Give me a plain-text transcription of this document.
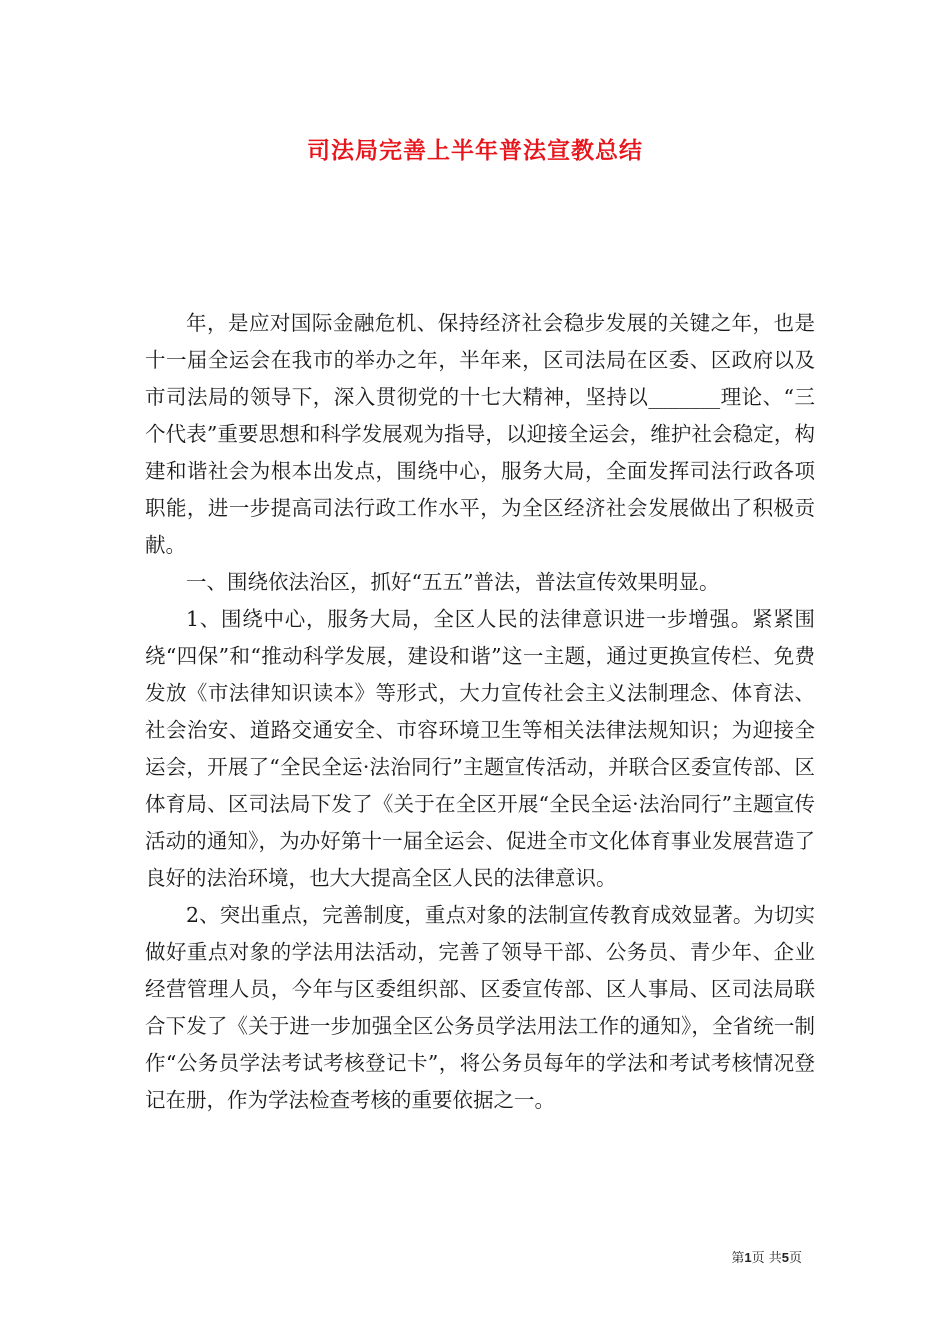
司法局完善上半年普法宣教总结

年，是应对国际金融危机、保持经济社会稳步发展的关键之年，也是十一届全运会在我市的举办之年，半年来，区司法局在区委、区政府以及市司法局的领导下，深入贯彻党的十七大精神，坚持以_______理论、“三个代表”重要思想和科学发展观为指导，以迎接全运会，维护社会稳定，构建和谐社会为根本出发点，围绕中心，服务大局，全面发挥司法行政各项职能，进一步提高司法行政工作水平，为全区经济社会发展做出了积极贡献。

一、围绕依法治区，抓好“五五”普法，普法宣传效果明显。

1、围绕中心，服务大局，全区人民的法律意识进一步增强。紧紧围绕“四保”和“推动科学发展，建设和谐”这一主题，通过更换宣传栏、免费发放《市法律知识读本》等形式，大力宣传社会主义法制理念、体育法、社会治安、道路交通安全、市容环境卫生等相关法律法规知识；为迎接全运会，开展了“全民全运·法治同行”主题宣传活动，并联合区委宣传部、区体育局、区司法局下发了《关于在全区开展“全民全运·法治同行”主题宣传活动的通知》，为办好第十一届全运会、促进全市文化体育事业发展营造了良好的法治环境，也大大提高全区人民的法律意识。

2、突出重点，完善制度，重点对象的法制宣传教育成效显著。为切实做好重点对象的学法用法活动，完善了领导干部、公务员、青少年、企业经营管理人员，今年与区委组织部、区委宣传部、区人事局、区司法局联合下发了《关于进一步加强全区公务员学法用法工作的通知》，全省统一制作“公务员学法考试考核登记卡”，将公务员每年的学法和考试考核情况登记在册，作为学法检查考核的重要依据之一。

第1页 共5页
